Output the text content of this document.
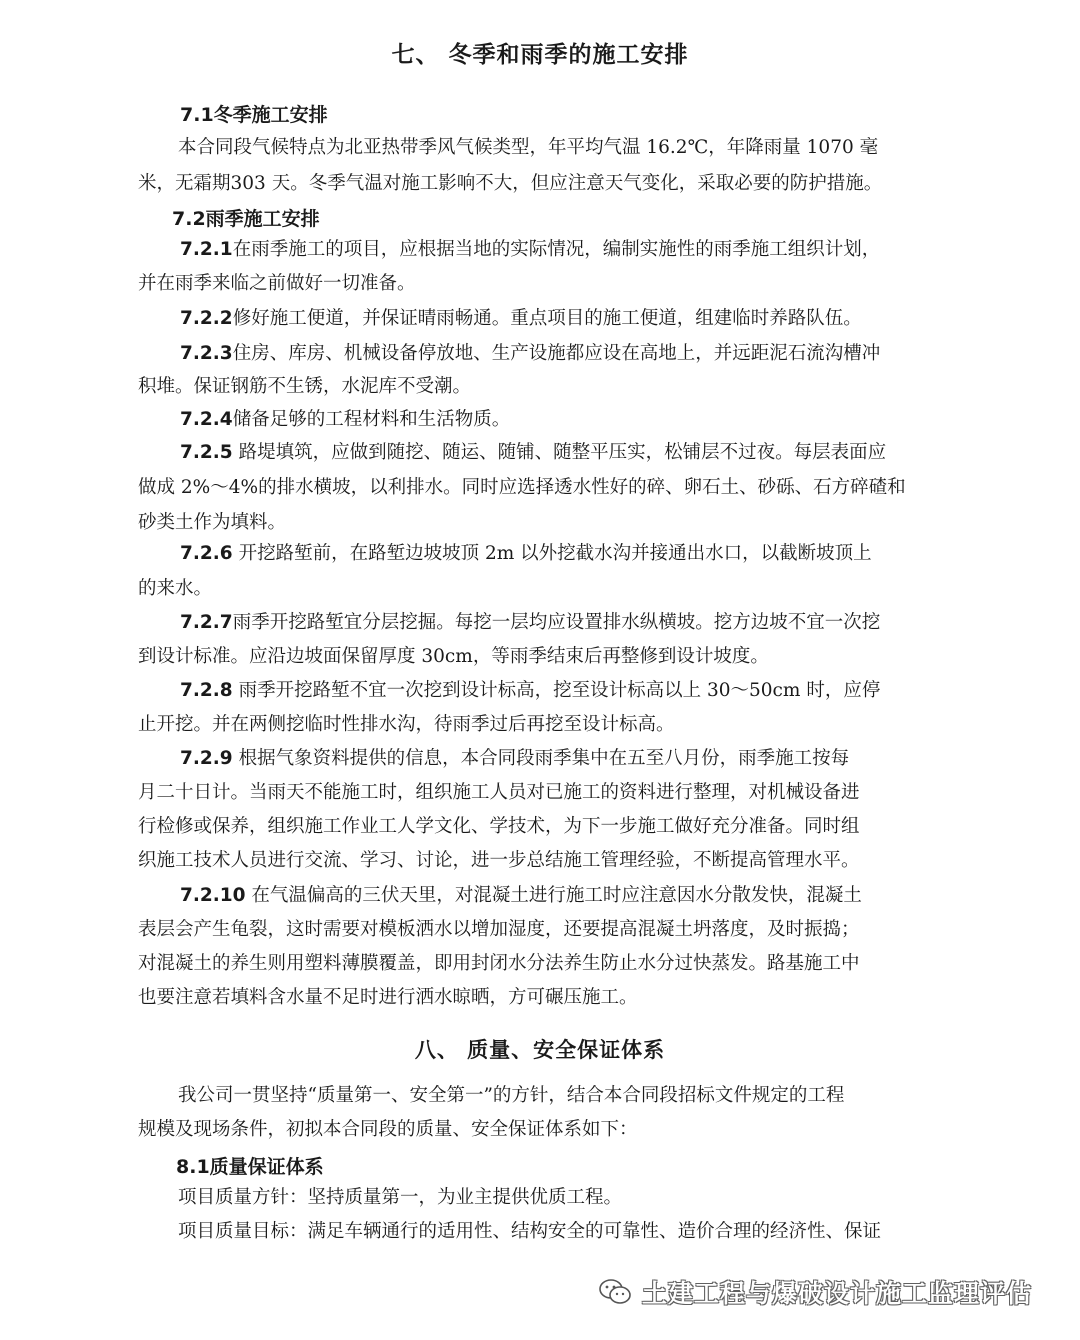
七、 冬季和雨季的施工安排
7.1冬季施工安排
本合同段气候特点为北亚热带季风气候类型，年平均气温 16.2℃，年降雨量 1070 毫
米，无霜期303 天。冬季气温对施工影响不大，但应注意天气变化，采取必要的防护措施。
7.2雨季施工安排
7.2.1在雨季施工的项目，应根据当地的实际情况，编制实施性的雨季施工组织计划，
并在雨季来临之前做好一切准备。
7.2.2修好施工便道，并保证晴雨畅通。重点项目的施工便道，组建临时养路队伍。
7.2.3住房、库房、机械设备停放地、生产设施都应设在高地上，并远距泥石流沟槽冲
积堆。保证钢筋不生锈，水泥库不受潮。
7.2.4储备足够的工程材料和生活物质。
7.2.5 路堤填筑，应做到随挖、随运、随铺、随整平压实，松铺层不过夜。每层表面应
做成 2%～4%的排水横坡，以利排水。同时应选择透水性好的碎、卵石土、砂砾、石方碎碴和
砂类土作为填料。
7.2.6 开挖路堑前，在路堑边坡坡顶 2m 以外挖截水沟并接通出水口，以截断坡顶上
的来水。
7.2.7雨季开挖路堑宜分层挖掘。每挖一层均应设置排水纵横坡。挖方边坡不宜一次挖
到设计标准。应沿边坡面保留厚度 30cm，等雨季结束后再整修到设计坡度。
7.2.8 雨季开挖路堑不宜一次挖到设计标高，挖至设计标高以上 30～50cm 时，应停
止开挖。并在两侧挖临时性排水沟，待雨季过后再挖至设计标高。
7.2.9 根据气象资料提供的信息，本合同段雨季集中在五至八月份，雨季施工按每
月二十日计。当雨天不能施工时，组织施工人员对已施工的资料进行整理，对机械设备进
行检修或保养，组织施工作业工人学文化、学技术，为下一步施工做好充分准备。同时组
织施工技术人员进行交流、学习、讨论，进一步总结施工管理经验，不断提高管理水平。
7.2.10 在气温偏高的三伏天里，对混凝土进行施工时应注意因水分散发快，混凝土
表层会产生龟裂，这时需要对模板洒水以增加湿度，还要提高混凝土坍落度，及时振捣；
对混凝土的养生则用塑料薄膜覆盖，即用封闭水分法养生防止水分过快蒸发。路基施工中
也要注意若填料含水量不足时进行洒水晾晒，方可碾压施工。
八、 质量、安全保证体系
我公司一贯坚持“质量第一、安全第一”的方针，结合本合同段招标文件规定的工程
规模及现场条件，初拟本合同段的质量、安全保证体系如下：
8.1质量保证体系
项目质量方针：坚持质量第一，为业主提供优质工程。
项目质量目标：满足车辆通行的适用性、结构安全的可靠性、造价合理的经济性、保证
土建工程与爆破设计施工监理评估
